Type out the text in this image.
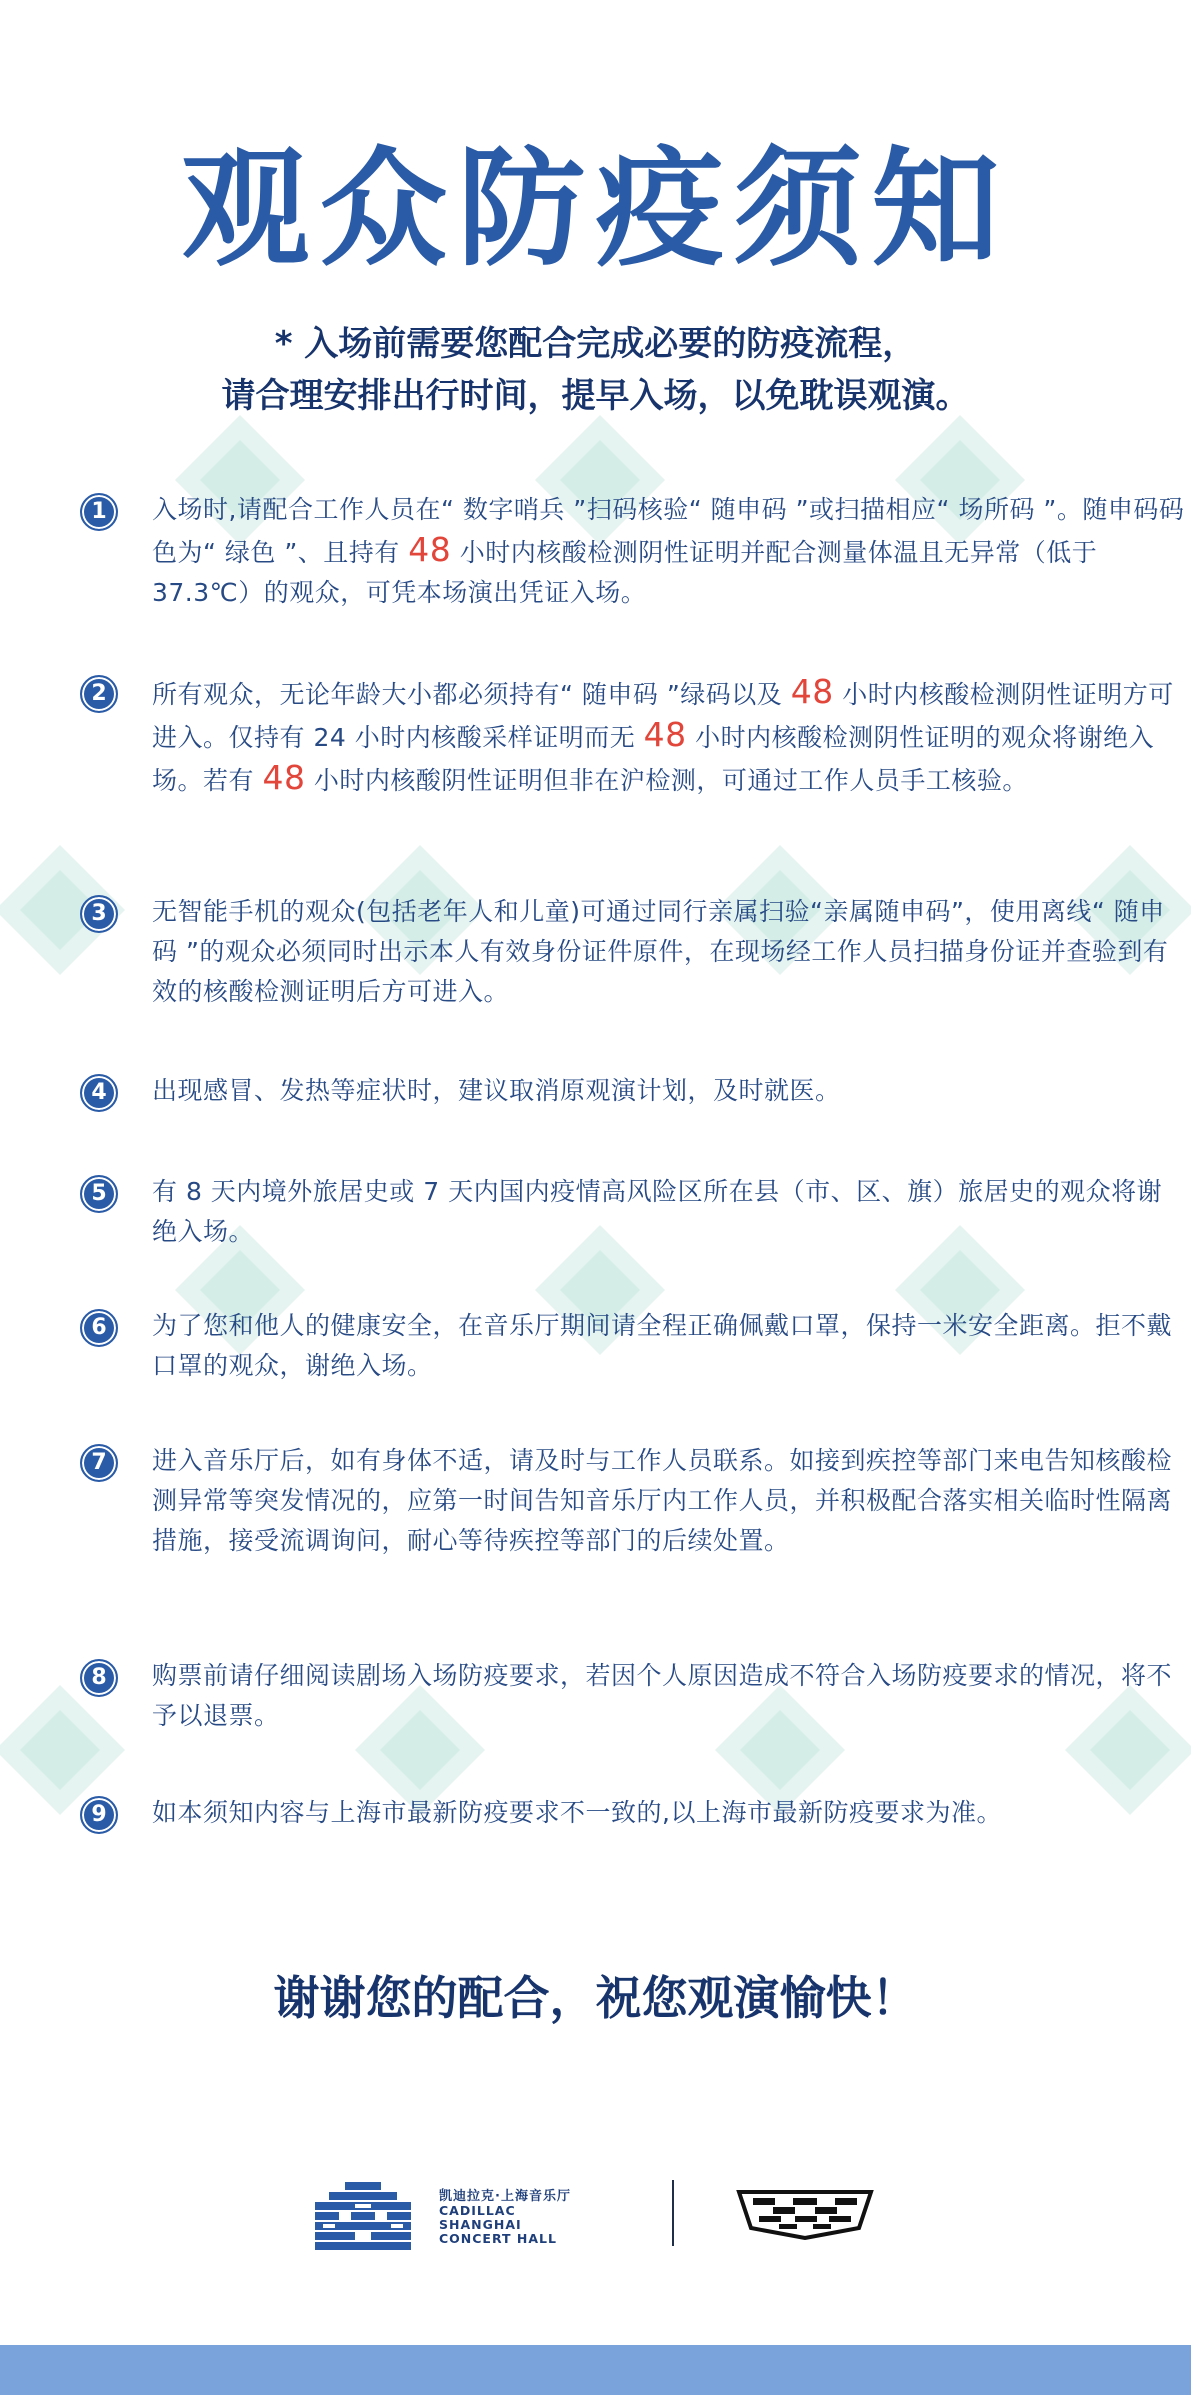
观众防疫须知
* 入场前需要您配合完成必要的防疫流程，
请合理安排出行时间，提早入场，以免耽误观演。
1	入场时,请配合工作人员在“ 数字哨兵 ”扫码核验“ 随申码 ”或扫描相应“ 场所码 ”。随申码码色为“ 绿色 ”、且持有 48 小时内核酸检测阴性证明并配合测量体温且无异常（低于 37.3℃）的观众，可凭本场演出凭证入场。
2	所有观众，无论年龄大小都必须持有“ 随申码 ”绿码以及 48 小时内核酸检测阴性证明方可进入。仅持有 24 小时内核酸采样证明而无 48 小时内核酸检测阴性证明的观众将谢绝入场。若有 48 小时内核酸阴性证明但非在沪检测，可通过工作人员手工核验。
3	无智能手机的观众(包括老年人和儿童)可通过同行亲属扫验“亲属随申码”，使用离线“ 随申码 ”的观众必须同时出示本人有效身份证件原件，在现场经工作人员扫描身份证并查验到有效的核酸检测证明后方可进入。
4	出现感冒、发热等症状时，建议取消原观演计划，及时就医。
5	有 8 天内境外旅居史或 7 天内国内疫情高风险区所在县（市、区、旗）旅居史的观众将谢绝入场。
6	为了您和他人的健康安全，在音乐厅期间请全程正确佩戴口罩，保持一米安全距离。拒不戴口罩的观众，谢绝入场。
7	进入音乐厅后，如有身体不适，请及时与工作人员联系。如接到疾控等部门来电告知核酸检测异常等突发情况的，应第一时间告知音乐厅内工作人员，并积极配合落实相关临时性隔离措施，接受流调询问，耐心等待疾控等部门的后续处置。
8	购票前请仔细阅读剧场入场防疫要求，若因个人原因造成不符合入场防疫要求的情况，将不予以退票。
9	如本须知内容与上海市最新防疫要求不一致的,以上海市最新防疫要求为准。
谢谢您的配合，祝您观演愉快！
凯迪拉克·上海音乐厅
CADILLAC
SHANGHAI
CONCERT HALL
